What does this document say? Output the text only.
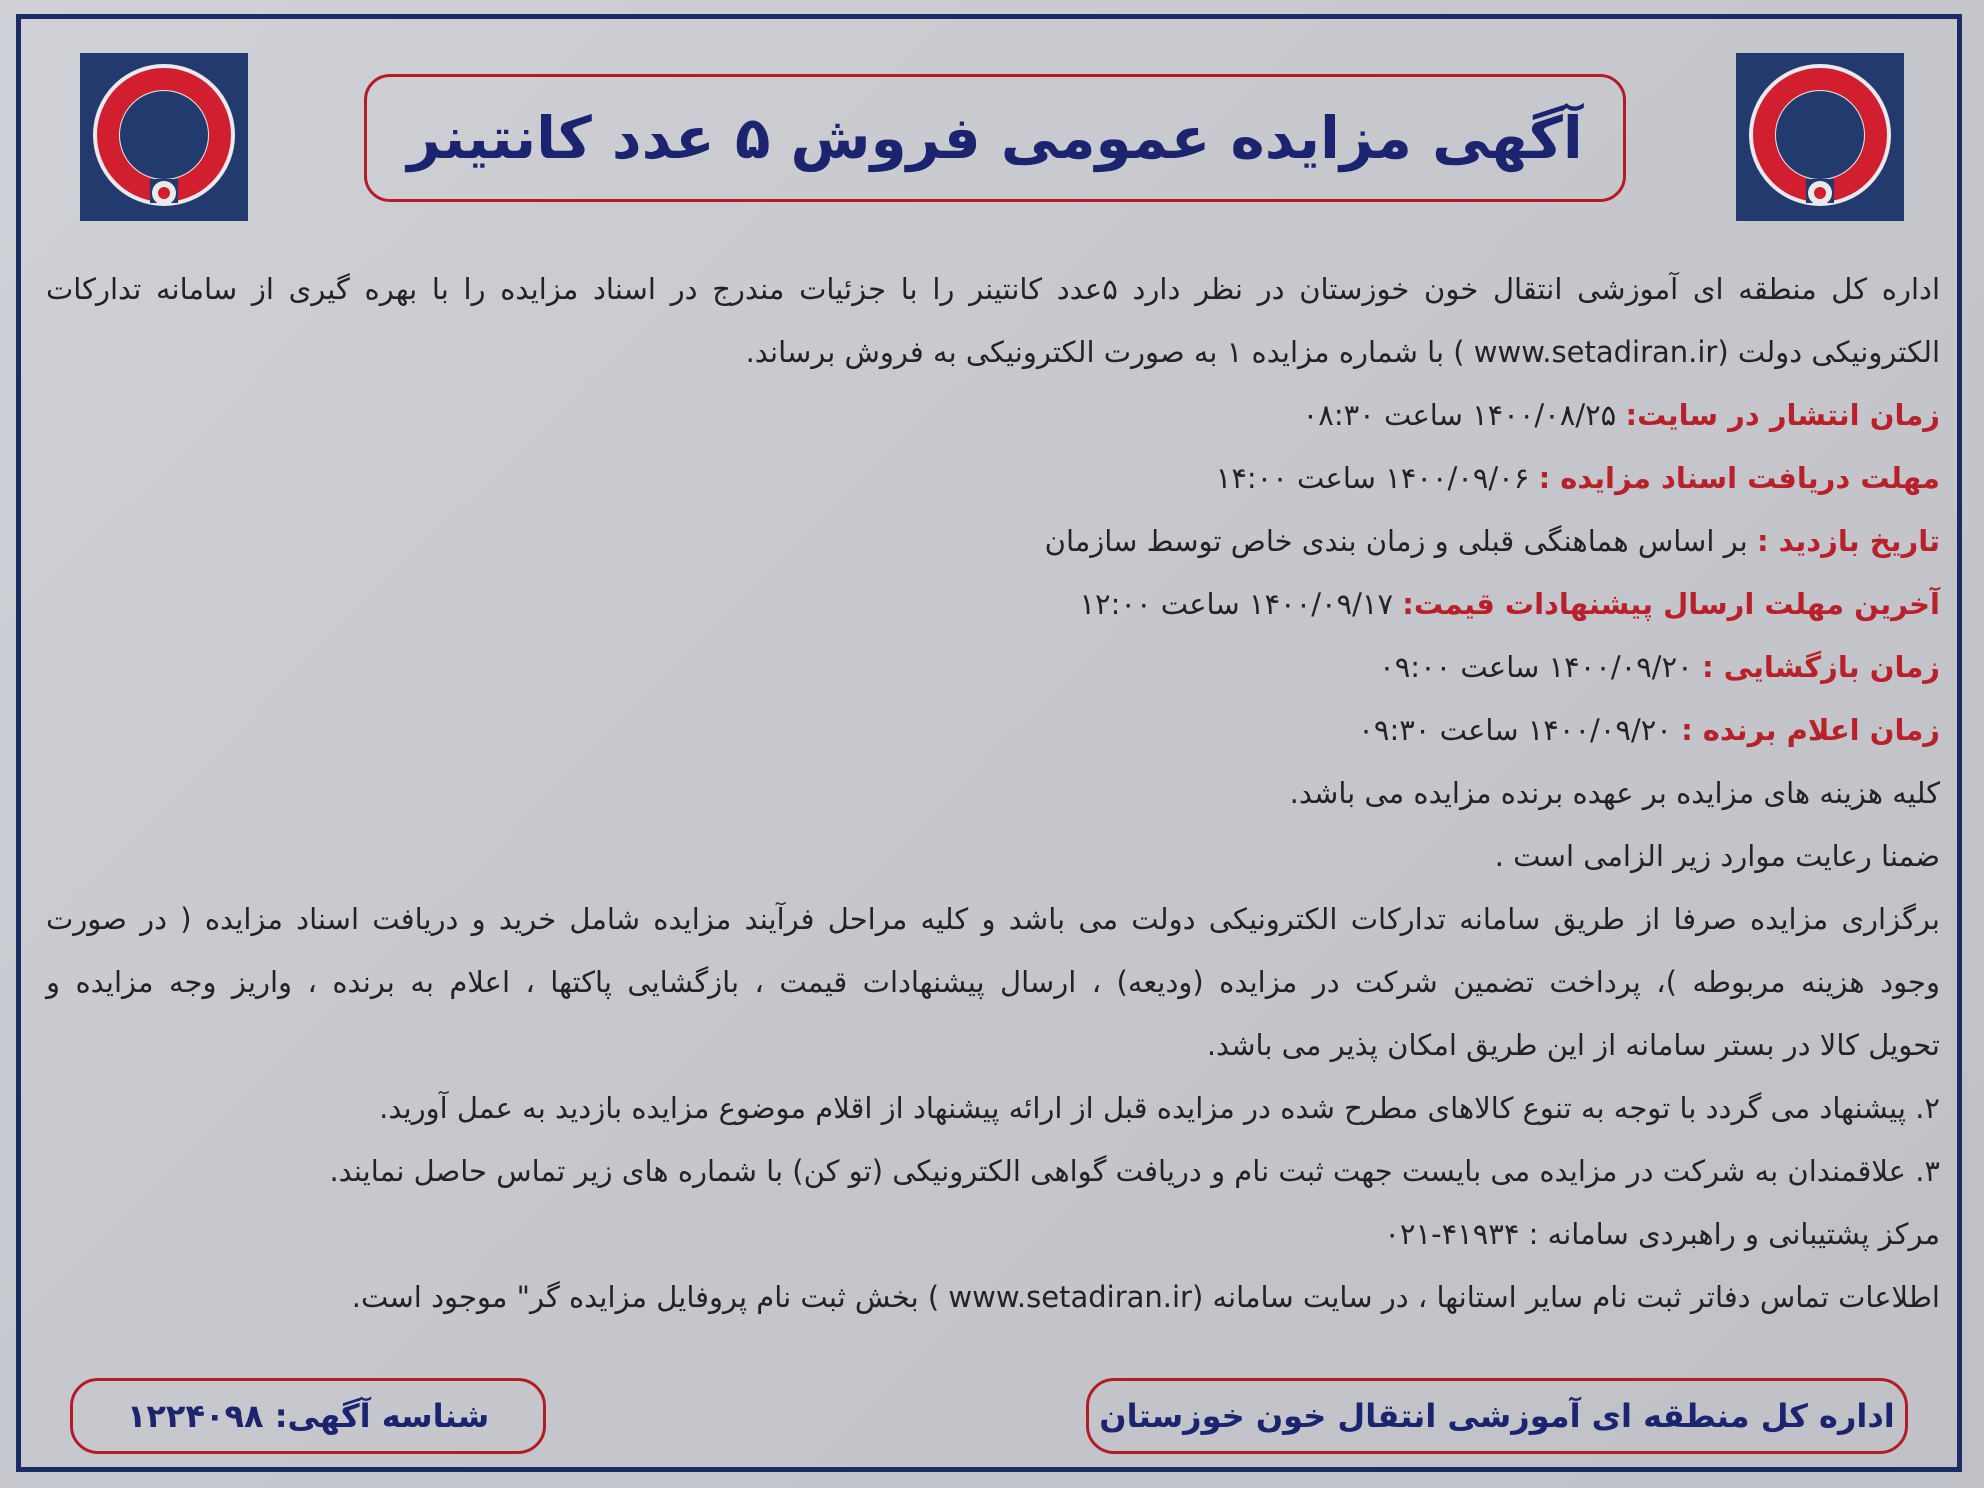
آگهی مزایده عمومی فروش ۵ عدد کانتینر
اداره کل منطقه ای آموزشی انتقال خون خوزستان در نظر دارد ۵عدد کانتینر را با جزئیات مندرج در اسناد مزایده را با بهره گیری از سامانه تدارکات
الکترونیکی دولت (www.setadiran.ir ) با شماره مزایده ۱ به صورت الکترونیکی به فروش برساند.
زمان انتشار در سایت: ۱۴۰۰/۰۸/۲۵ ساعت ۰۸:۳۰
مهلت دریافت اسناد مزایده : ۱۴۰۰/۰۹/۰۶ ساعت ۱۴:۰۰
تاریخ بازدید : بر اساس هماهنگی قبلی و زمان بندی خاص توسط سازمان
آخرین مهلت ارسال پیشنهادات قیمت: ۱۴۰۰/۰۹/۱۷ ساعت ۱۲:۰۰
زمان بازگشایی : ۱۴۰۰/۰۹/۲۰ ساعت ۰۹:۰۰
زمان اعلام برنده : ۱۴۰۰/۰۹/۲۰ ساعت ۰۹:۳۰
کلیه هزینه های مزایده بر عهده برنده مزایده می باشد.
ضمنا رعایت موارد زیر الزامی است .
برگزاری مزایده صرفا از طریق سامانه تدارکات الکترونیکی دولت می باشد و کلیه مراحل فرآیند مزایده شامل خرید و دریافت اسناد مزایده ( در صورت
وجود هزینه مربوطه )، پرداخت تضمین شرکت در مزایده (ودیعه) ، ارسال پیشنهادات قیمت ، بازگشایی پاکتها ، اعلام به برنده ، واریز وجه مزایده و
تحویل کالا در بستر سامانه از این طریق امکان پذیر می باشد.
۲. پیشنهاد می گردد با توجه به تنوع کالاهای مطرح شده در مزایده قبل از ارائه پیشنهاد از اقلام موضوع مزایده بازدید به عمل آورید.
۳. علاقمندان به شرکت در مزایده می بایست جهت ثبت نام و دریافت گواهی الکترونیکی (تو کن) با شماره های زیر تماس حاصل نمایند.
مرکز پشتیبانی و راهبردی سامانه : ۴۱۹۳۴-۰۲۱
اطلاعات تماس دفاتر ثبت نام سایر استانها ، در سایت سامانه (www.setadiran.ir ) بخش ثبت نام پروفایل مزایده گر" موجود است.
اداره کل منطقه ای آموزشی انتقال خون خوزستان
شناسه آگهی: ۱۲۲۴۰۹۸
